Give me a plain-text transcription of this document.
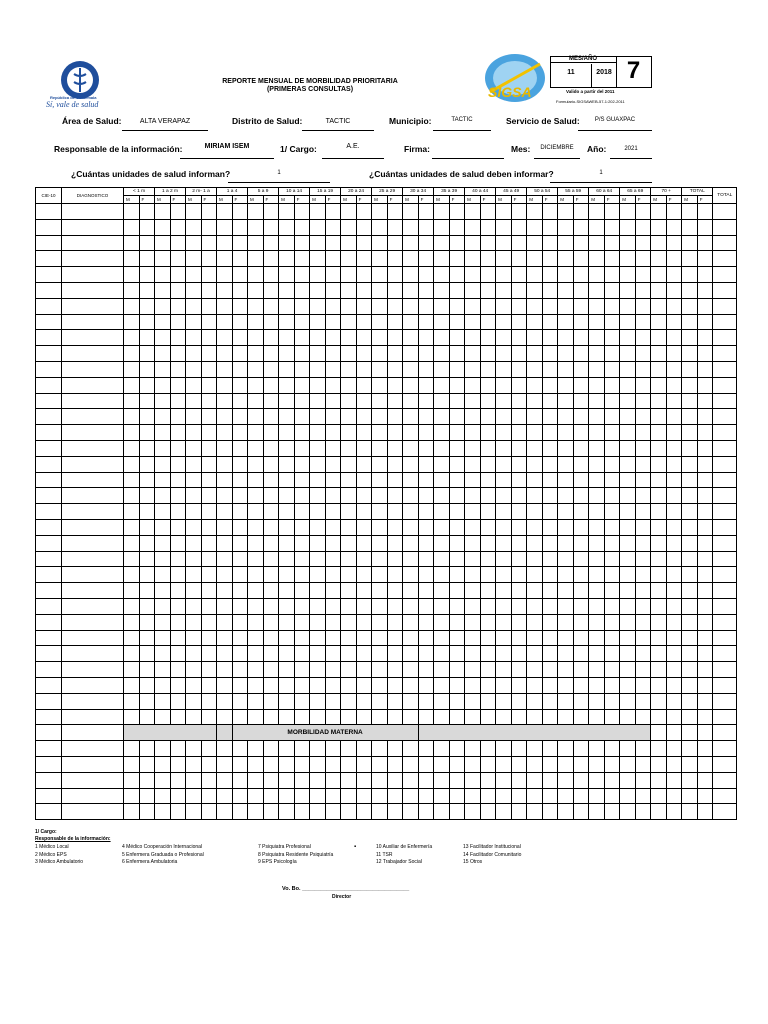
República de Guatemala
Sí, vale de salud
REPORTE MENSUAL DE MORBILIDAD PRIORITARIA
(PRIMERAS CONSULTAS)	SIGSA
MES/AÑO
11	2018 7
Valido a partir del 2011
Formulario-SIGSAWEB-57-1:202-2011
Área de Salud:	ALTA VERAPAZ	Distrito de Salud:	TACTIC	Municipio:	TACTIC	Servicio de Salud:	P/S GUAXPAC
Responsable de la información:	MIRIAM ISEM	1/ Cargo:	A.E.	Firma:	Mes:	DICIEMBRE	Año:	2021
¿Cuántas unidades de salud informan?	1	¿Cuántas unidades de salud deben informar?	1
CIE-10	DIAGNOSTICO	< 1 m		1 a 2 m		2 m- 1 a		1 a 4		5 a 9		10 a 14		15 a 19		20 a 24		25 a 29		30 a 34		35 a 39		40 a 44		45 a 49		50 a 54		55 a 59		60 a 64		65 a 69		70 +		TOTAL		TOTAL
		M	F	M	F	M	F	M	F	M	F	M	F	M	F	M	F	M	F	M	F	M	F	M	F	M	F	M	F	M	F	M	F	M	F	M	F	M	F	

									MORBILIDAD MATERNA																															

1/ Cargo:
Responsable de la información:
1 Médico Local
2 Médico EPS
3 Médico Ambulatorio
4 Médico Cooperación Internacional
5 Enfermera Graduada o Profesional
6 Enfermera Ambulatoria
7 Psiquiatra Profesional
8 Psiquiatra Residente Psiquiatría
9 EPS Psicología
10 Auxiliar de Enfermería
11 TSR
12 Trabajador Social
13 Facilitador Institucional
14 Facilitador Comunitario
15 Otros
▪
Vo. Bo. ___________________________________
Director
